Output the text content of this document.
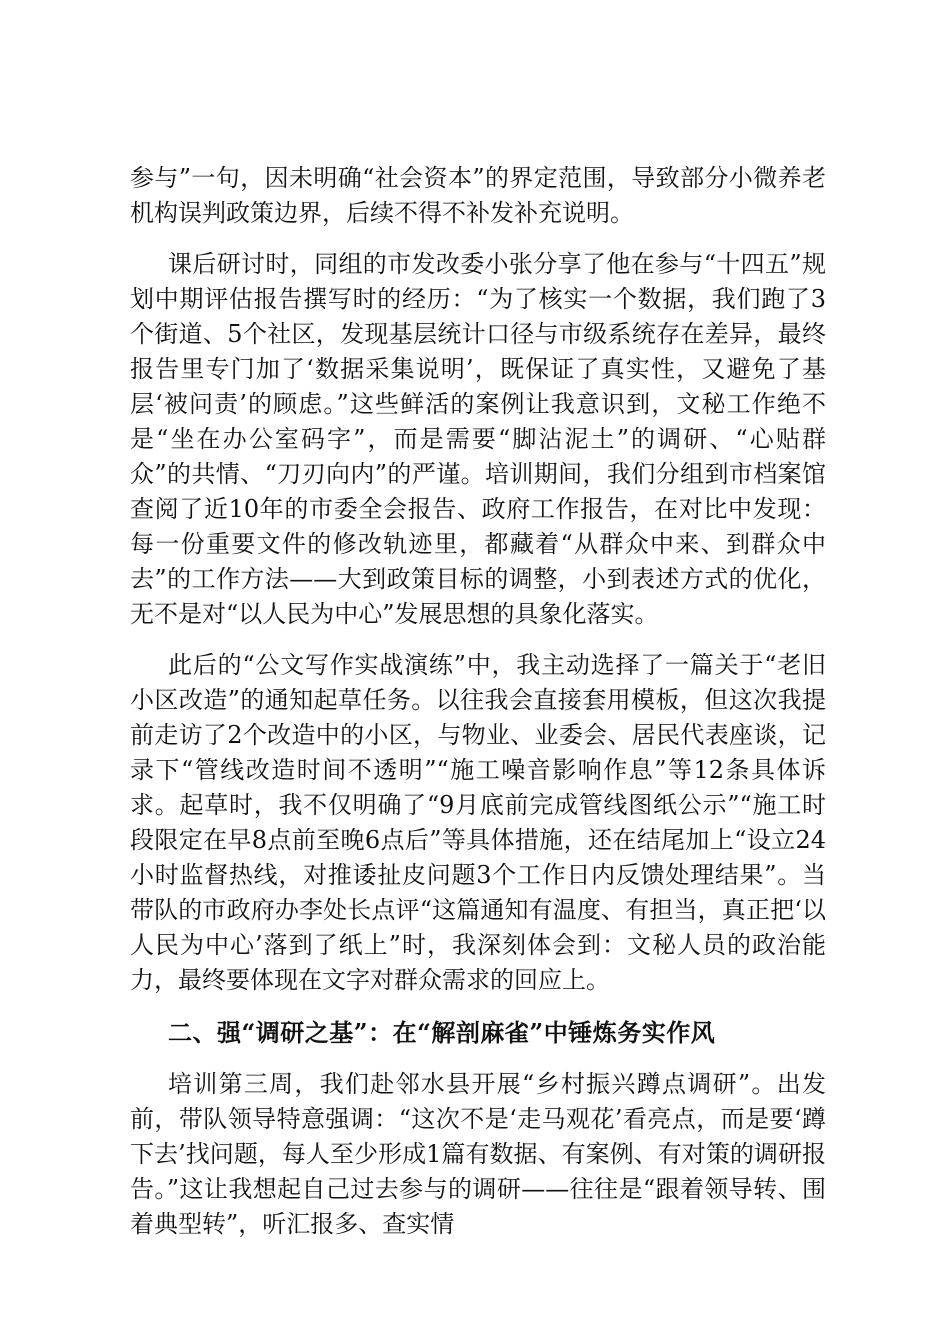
参与”一句，因未明确“社会资本”的界定范围，导致部分小微养老机构误判政策边界，后续不得不补发补充说明。

课后研讨时，同组的市发改委小张分享了他在参与“十四五”规划中期评估报告撰写时的经历：“为了核实一个数据，我们跑了3个街道、5个社区，发现基层统计口径与市级系统存在差异，最终报告里专门加了‘数据采集说明’，既保证了真实性，又避免了基层‘被问责’的顾虑。”这些鲜活的案例让我意识到，文秘工作绝不是“坐在办公室码字”，而是需要“脚沾泥土”的调研、“心贴群众”的共情、“刀刃向内”的严谨。培训期间，我们分组到市档案馆查阅了近10年的市委全会报告、政府工作报告，在对比中发现：每一份重要文件的修改轨迹里，都藏着“从群众中来、到群众中去”的工作方法——大到政策目标的调整，小到表述方式的优化，无不是对“以人民为中心”发展思想的具象化落实。

此后的“公文写作实战演练”中，我主动选择了一篇关于“老旧小区改造”的通知起草任务。以往我会直接套用模板，但这次我提前走访了2个改造中的小区，与物业、业委会、居民代表座谈，记录下“管线改造时间不透明”“施工噪音影响作息”等12条具体诉求。起草时，我不仅明确了“9月底前完成管线图纸公示”“施工时段限定在早8点前至晚6点后”等具体措施，还在结尾加上“设立24小时监督热线，对推诿扯皮问题3个工作日内反馈处理结果”。当带队的市政府办李处长点评“这篇通知有温度、有担当，真正把‘以人民为中心’落到了纸上”时，我深刻体会到：文秘人员的政治能力，最终要体现在文字对群众需求的回应上。

二、强“调研之基”：在“解剖麻雀”中锤炼务实作风

培训第三周，我们赴邻水县开展“乡村振兴蹲点调研”。出发前，带队领导特意强调：“这次不是‘走马观花’看亮点，而是要‘蹲下去’找问题，每人至少形成1篇有数据、有案例、有对策的调研报告。”这让我想起自己过去参与的调研——往往是“跟着领导转、围着典型转”，听汇报多、查实情
